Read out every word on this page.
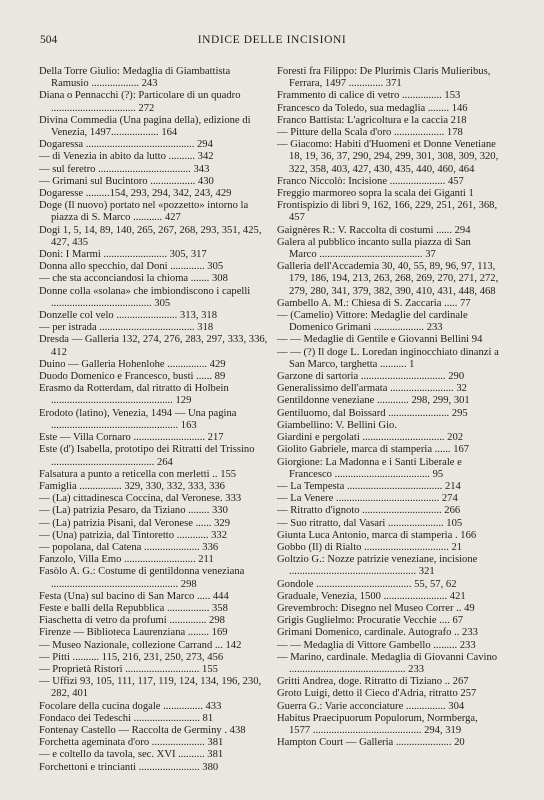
504	INDICE DELLE INCISIONI

Della Torre Giulio: Medaglia di Giambattista Ramusio .................. 243

Diana o Pennacchi (?): Particolare di un quadro ................................ 272

Divina Commedia (Una pagina della), edizione di Venezia, 1497.................. 164

Dogaressa ......................................... 294

— di Venezia in abito da lutto .......... 342

— sul feretro ................................... 343

— Grimani sul Bucintoro ................. 430

Dogaresse .........154, 293, 294, 342, 243, 429

Doge (Il nuovo) portato nel «pozzetto» intorno la piazza di S. Marco ........... 427

Dogi 1, 5, 14, 89, 140, 265, 267, 268, 293, 351, 425, 427, 435

Doni: I Marmi ........................ 305, 317

Donna allo specchio, dal Doni ............. 305

— che sta acconciandosi la chioma ....... 308

Donne colla «solana» che imbiondiscono i capelli ...................................... 305

Donzelle col velo ....................... 313, 318

— per istrada .................................... 318

Dresda — Galleria 132, 274, 276, 283, 297, 333, 336, 412

Duino — Galleria Hohenlohe ............... 429

Duodo Domenico e Francesco, busti ...... 89

Erasmo da Rotterdam, dal ritratto di Holbein .............................................. 129

Erodoto (latino), Venezia, 1494 — Una pagina ................................................ 163

Este — Villa Cornaro ........................... 217

Este (d') Isabella, prototipo dei Ritratti del Trissino ....................................... 264

Falsatura a punto a reticella con merletti .. 155

Famiglia ................ 329, 330, 332, 333, 336

— (La) cittadinesca Coccina, dal Veronese. 333

— (La) patrizia Pesaro, da Tiziano ........ 330

— (La) patrizia Pisani, dal Veronese ...... 329

— (Una) patrizia, dal Tintoretto ............ 332

— popolana, dal Catena ..................... 336

Fanzolo, Villa Emo ........................... 211

Fasòlo A. G.: Costume di gentildonna veneziana ................................................ 298

Festa (Una) sul bacino di San Marco ..... 444

Feste e balli della Repubblica ................ 358

Fiaschetta di vetro da profumi .............. 298

Firenze — Biblioteca Laurenziana ........ 169

— Museo Nazionale, collezione Carrand ... 142

— Pitti .......... 115, 216, 231, 250, 273, 456

— Proprietà Ristori ............................ 155

— Uffizi 93, 105, 111, 117, 119, 124, 134, 196, 230, 282, 401

Focolare della cucina dogale ............... 433

Fondaco dei Tedeschi ......................... 81

Fontenay Castello — Raccolta de Germiny . 438

Forchetta ageminata d'oro .................... 381

— e coltello da tavola, sec. XVI .......... 381

Forchettoni e trincianti ....................... 380

Foresti fra Filippo: De Plurimis Claris Mulieribus, Ferrara, 1497 ............. 371

Frammento di calice di vetro ............... 153

Francesco da Toledo, sua medaglia ........ 146

Franco Battista: L'agricoltura e la caccia 218

— Pitture della Scala d'oro ................... 178

— Giacomo: Habiti d'Huomeni et Donne Venetiane 18, 19, 36, 37, 290, 294, 299, 301, 308, 309, 320, 322, 358, 403, 427, 430, 435, 440, 460, 464

Franco Niccolò: Incisione ..................... 457

Freggio marmoreo sopra la scala dei Giganti 1

Frontispizio di libri 9, 162, 166, 229, 251, 261, 368, 457

Gaignères R.: V. Raccolta di costumi ...... 294

Galera al pubblico incanto sulla piazza di San Marco ....................................... 37

Galleria dell'Accademia 30, 40, 55, 89, 96, 97, 113, 179, 186, 194, 213, 263, 268, 269, 270, 271, 272, 279, 280, 341, 379, 382, 390, 410, 431, 448, 468

Gambello A. M.: Chiesa di S. Zaccaria ..... 77

— (Camelio) Vittore: Medaglie del cardinale Domenico Grimani ................... 233

— — Medaglie di Gentile e Giovanni Bellini 94

— — (?) Il doge L. Loredan inginocchiato dinanzi a San Marco, targhetta .......... 1

Garzone di sartoria ................................ 290

Generalissimo dell'armata ........................ 32

Gentildonne veneziane ............ 298, 299, 301

Gentiluomo, dal Boissard ....................... 295

Giambellino: V. Bellini Gio.

Giardini e pergolati ............................... 202

Giolito Gabriele, marca di stamperia ...... 167

Giorgione: La Madonna e i Santi Liberale e Francesco .................................... 95

— La Tempesta .................................... 214

— La Venere ....................................... 274

— Ritratto d'ignoto .............................. 266

— Suo ritratto, dal Vasari ..................... 105

Giunta Luca Antonio, marca di stamperia . 166

Gobbo (Il) di Rialto ................................ 21

Goltzio G.: Nozze patrizie veneziane, incisione ................................................ 321

Gondole .................................... 55, 57, 62

Graduale, Venezia, 1500 ........................ 421

Grevembroch: Disegno nel Museo Correr .. 49

Grigis Guglielmo: Procuratie Vecchie .... 67

Grimani Domenico, cardinale. Autografo .. 233

— — Medaglia di Vittore Gambello ......... 233

— Marino, cardinale. Medaglia di Giovanni Cavino ............................................ 233

Gritti Andrea, doge. Ritratto di Tiziano .. 267

Groto Luigi, detto il Cieco d'Adria, ritratto 257

Guerra G.: Varie acconciature ............... 304

Habitus Praecipuorum Populorum, Normberga, 1577 ......................................... 294, 319

Hampton Court — Galleria ..................... 20
